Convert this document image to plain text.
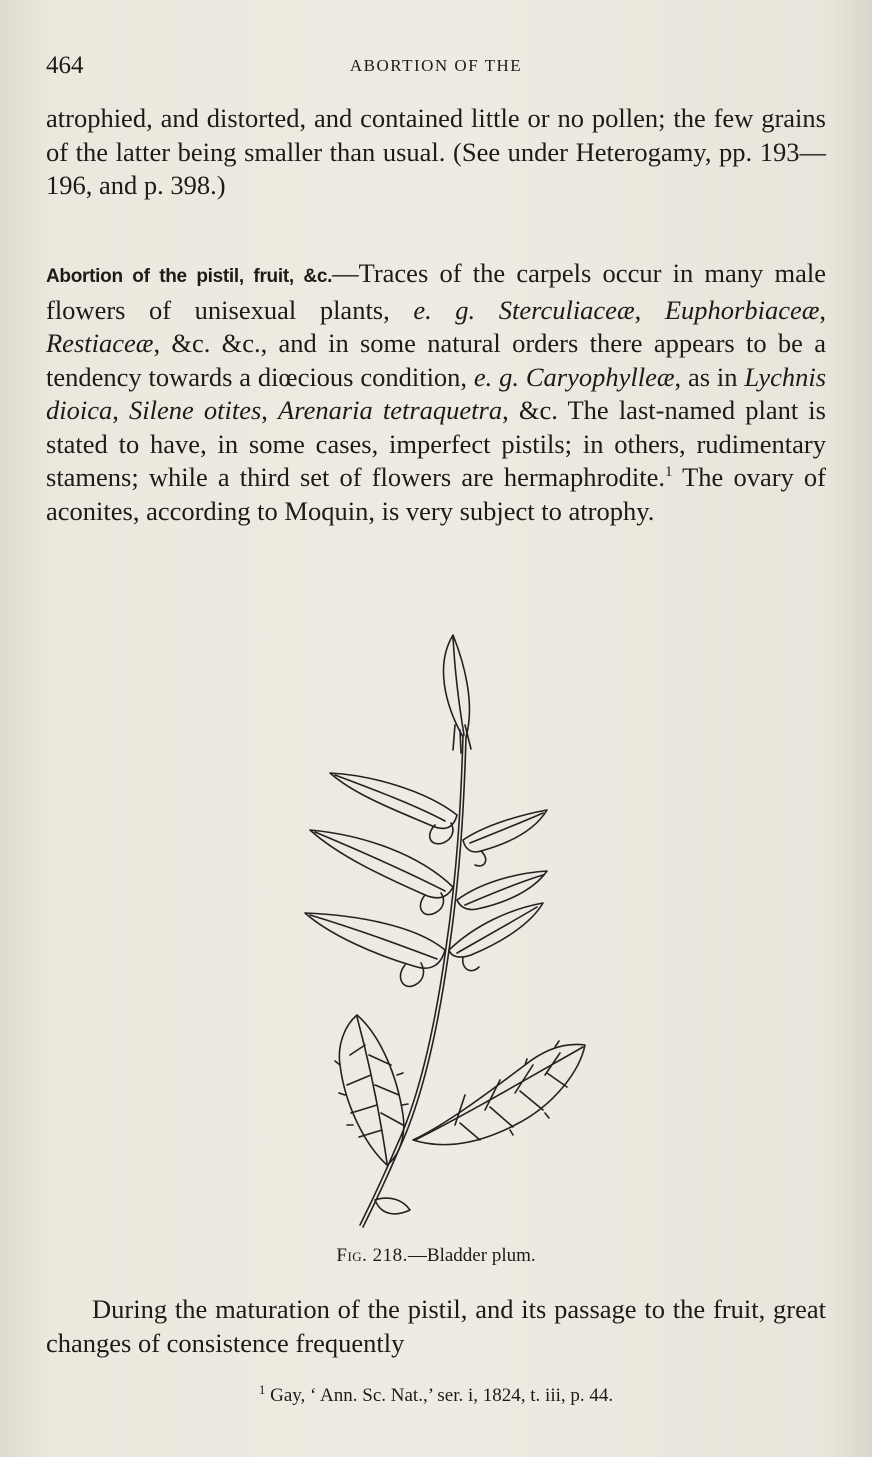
464	ABORTION OF THE
atrophied, and distorted, and contained little or no pollen; the few grains of the latter being smaller than usual. (See under Heterogamy, pp. 193—196, and p. 398.)
Abortion of the pistil, fruit, &c.—Traces of the carpels occur in many male flowers of unisexual plants, e. g. Sterculiaceæ, Euphorbiaceæ, Restiaceæ, &c. &c., and in some natural orders there appears to be a tendency towards a diœcious condition, e. g. Caryophylleæ, as in Lychnis dioica, Silene otites, Arenaria tetraquetra, &c. The last-named plant is stated to have, in some cases, imperfect pistils; in others, rudimentary stamens; while a third set of flowers are hermaphrodite.$^1$ The ovary of aconites, according to Moquin, is very subject to atrophy.
Fig. 218.—Bladder plum.
During the maturation of the pistil, and its passage to the fruit, great changes of consistence frequently
$^1$ Gay, ‘ Ann. Sc. Nat.,’ ser. i, 1824, t. iii, p. 44.
